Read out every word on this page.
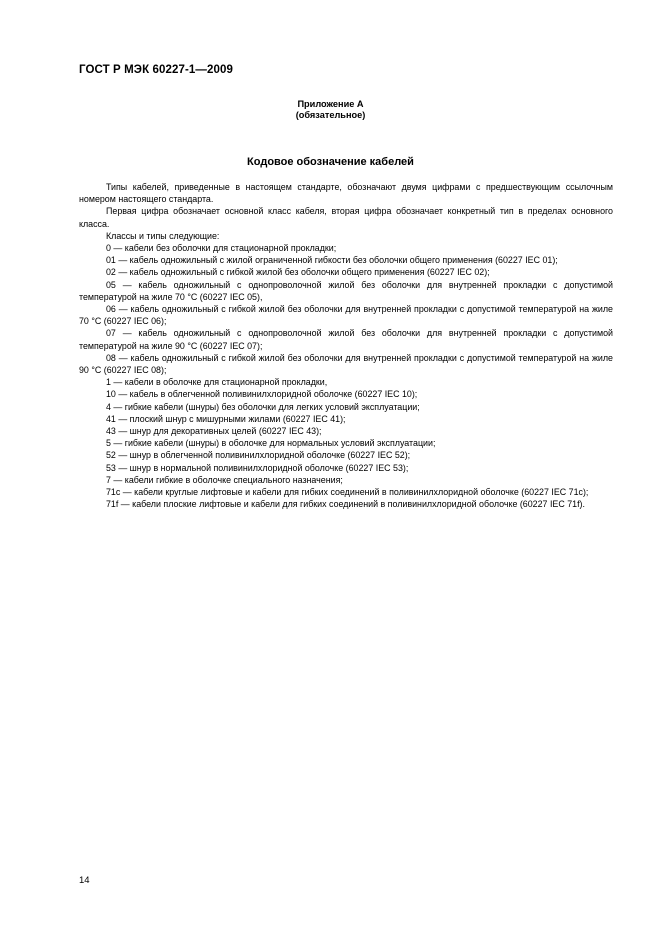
ГОСТ Р МЭК 60227-1—2009
Приложение А
(обязательное)
Кодовое обозначение кабелей

Типы кабелей, приведенные в настоящем стандарте, обозначают двумя цифрами с предшествующим ссылочным номером настоящего стандарта.

Первая цифра обозначает основной класс кабеля, вторая цифра обозначает конкретный тип в пределах основного класса.

Классы и типы следующие:

0 — кабели без оболочки для стационарной прокладки;

01 — кабель одножильный с жилой ограниченной гибкости без оболочки общего применения (60227 IEC 01);

02 — кабель одножильный с гибкой жилой без оболочки общего применения (60227 IEC 02);

05 — кабель одножильный с однопроволочной жилой без оболочки для внутренней прокладки с допустимой температурой на жиле 70 °С (60227 IEC 05),

06 — кабель одножильный с гибкой жилой без оболочки для внутренней прокладки с допустимой температурой на жиле 70 °С (60227 IEC 06);

07 — кабель одножильный с однопроволочной жилой без оболочки для внутренней прокладки с допустимой температурой на жиле 90 °С (60227 IEC 07);

08 — кабель одножильный с гибкой жилой без оболочки для внутренней прокладки с допустимой температурой на жиле 90 °С (60227 IEC 08);

1 — кабели в оболочке для стационарной прокладки,

10 — кабель в облегченной поливинилхлоридной оболочке (60227 IEC 10);

4 — гибкие кабели (шнуры) без оболочки для легких условий эксплуатации;

41 — плоский шнур с мишурными жилами (60227 IEC 41);

43 — шнур для декоративных целей (60227 IEC 43);

5 — гибкие кабели (шнуры) в оболочке для нормальных условий эксплуатации;

52 — шнур в облегченной поливинилхлоридной оболочке (60227 IEC 52);

53 — шнур в нормальной поливинилхлоридной оболочке (60227 IEC 53);

7 — кабели гибкие в оболочке специального назначения;

71c — кабели круглые лифтовые и кабели для гибких соединений в поливинилхлоридной оболочке (60227 IEC 71c);

71f — кабели плоские лифтовые и кабели для гибких соединений в поливинилхлоридной оболочке (60227 IEC 71f).

14
